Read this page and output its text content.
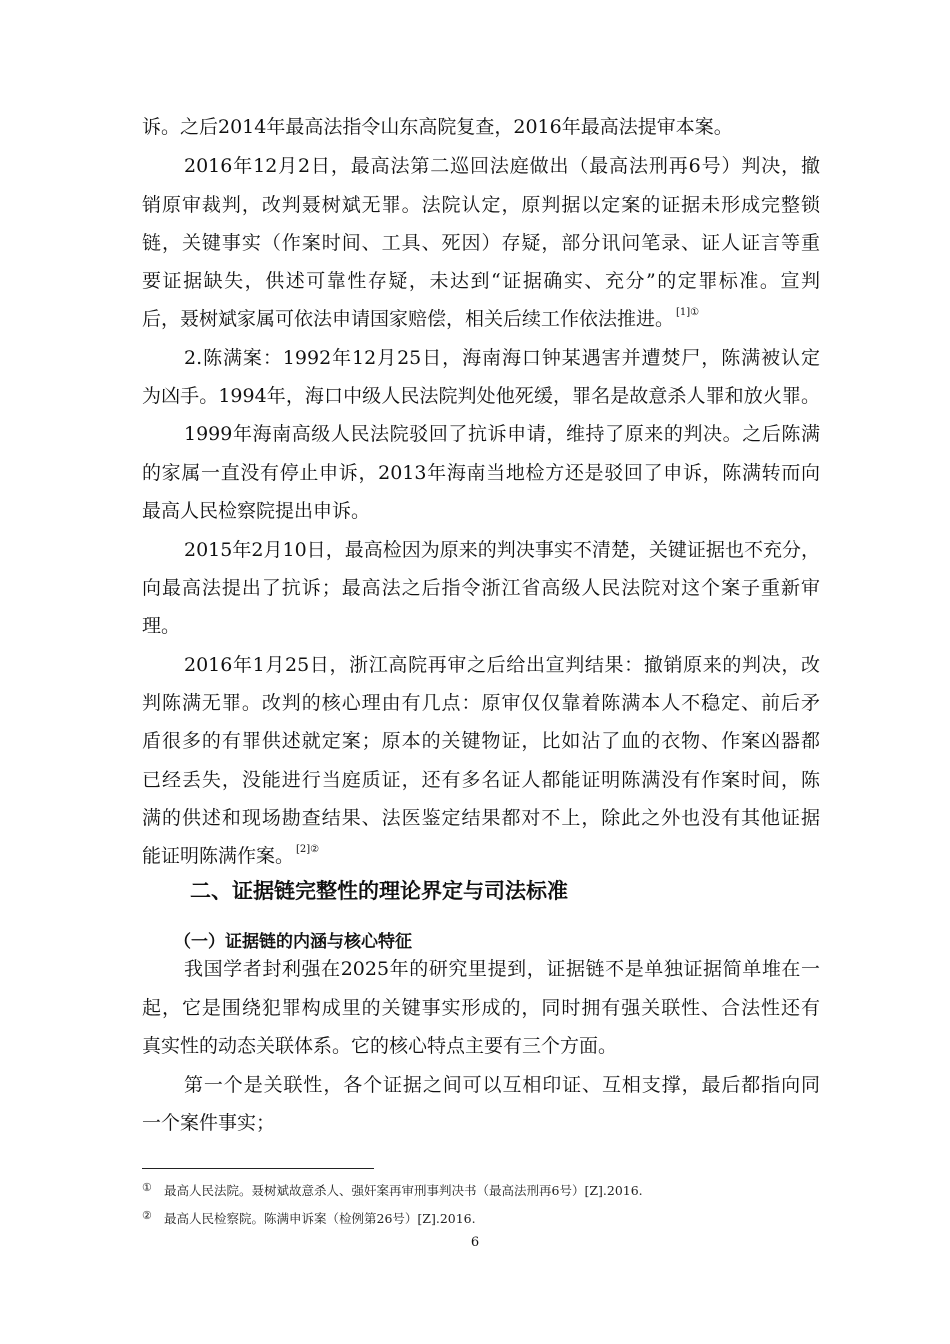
诉。之后2014年最高法指令山东高院复查，2016年最高法提审本案。
2016年12月2日，最高法第二巡回法庭做出（最高法刑再6号）判决，撤
销原审裁判，改判聂树斌无罪。法院认定，原判据以定案的证据未形成完整锁
链，关键事实（作案时间、工具、死因）存疑，部分讯问笔录、证人证言等重
要证据缺失，供述可靠性存疑，未达到“证据确实、充分”的定罪标准。宣判
后，聂树斌家属可依法申请国家赔偿，相关后续工作依法推进。 $^{[1]①}$
2.陈满案：1992年12月25日，海南海口钟某遇害并遭焚尸，陈满被认定
为凶手。1994年，海口中级人民法院判处他死缓，罪名是故意杀人罪和放火罪。
1999年海南高级人民法院驳回了抗诉申请，维持了原来的判决。之后陈满
的家属一直没有停止申诉，2013年海南当地检方还是驳回了申诉，陈满转而向
最高人民检察院提出申诉。
2015年2月10日，最高检因为原来的判决事实不清楚，关键证据也不充分，
向最高法提出了抗诉；最高法之后指令浙江省高级人民法院对这个案子重新审
理。
2016年1月25日，浙江高院再审之后给出宣判结果：撤销原来的判决，改
判陈满无罪。改判的核心理由有几点：原审仅仅靠着陈满本人不稳定、前后矛
盾很多的有罪供述就定案；原本的关键物证，比如沾了血的衣物、作案凶器都
已经丢失，没能进行当庭质证，还有多名证人都能证明陈满没有作案时间，陈
满的供述和现场勘查结果、法医鉴定结果都对不上，除此之外也没有其他证据
能证明陈满作案。 $^{[2]②}$
二、证据链完整性的理论界定与司法标准
（一）证据链的内涵与核心特征
我国学者封利强在2025年的研究里提到，证据链不是单独证据简单堆在一
起，它是围绕犯罪构成里的关键事实形成的，同时拥有强关联性、合法性还有
真实性的动态关联体系。它的核心特点主要有三个方面。
第一个是关联性，各个证据之间可以互相印证、互相支撑，最后都指向同
一个案件事实；
① 最高人民法院。聂树斌故意杀人、强奸案再审刑事判决书（最高法刑再6号）[Z].2016.
② 最高人民检察院。陈满申诉案（检例第26号）[Z].2016.
6
